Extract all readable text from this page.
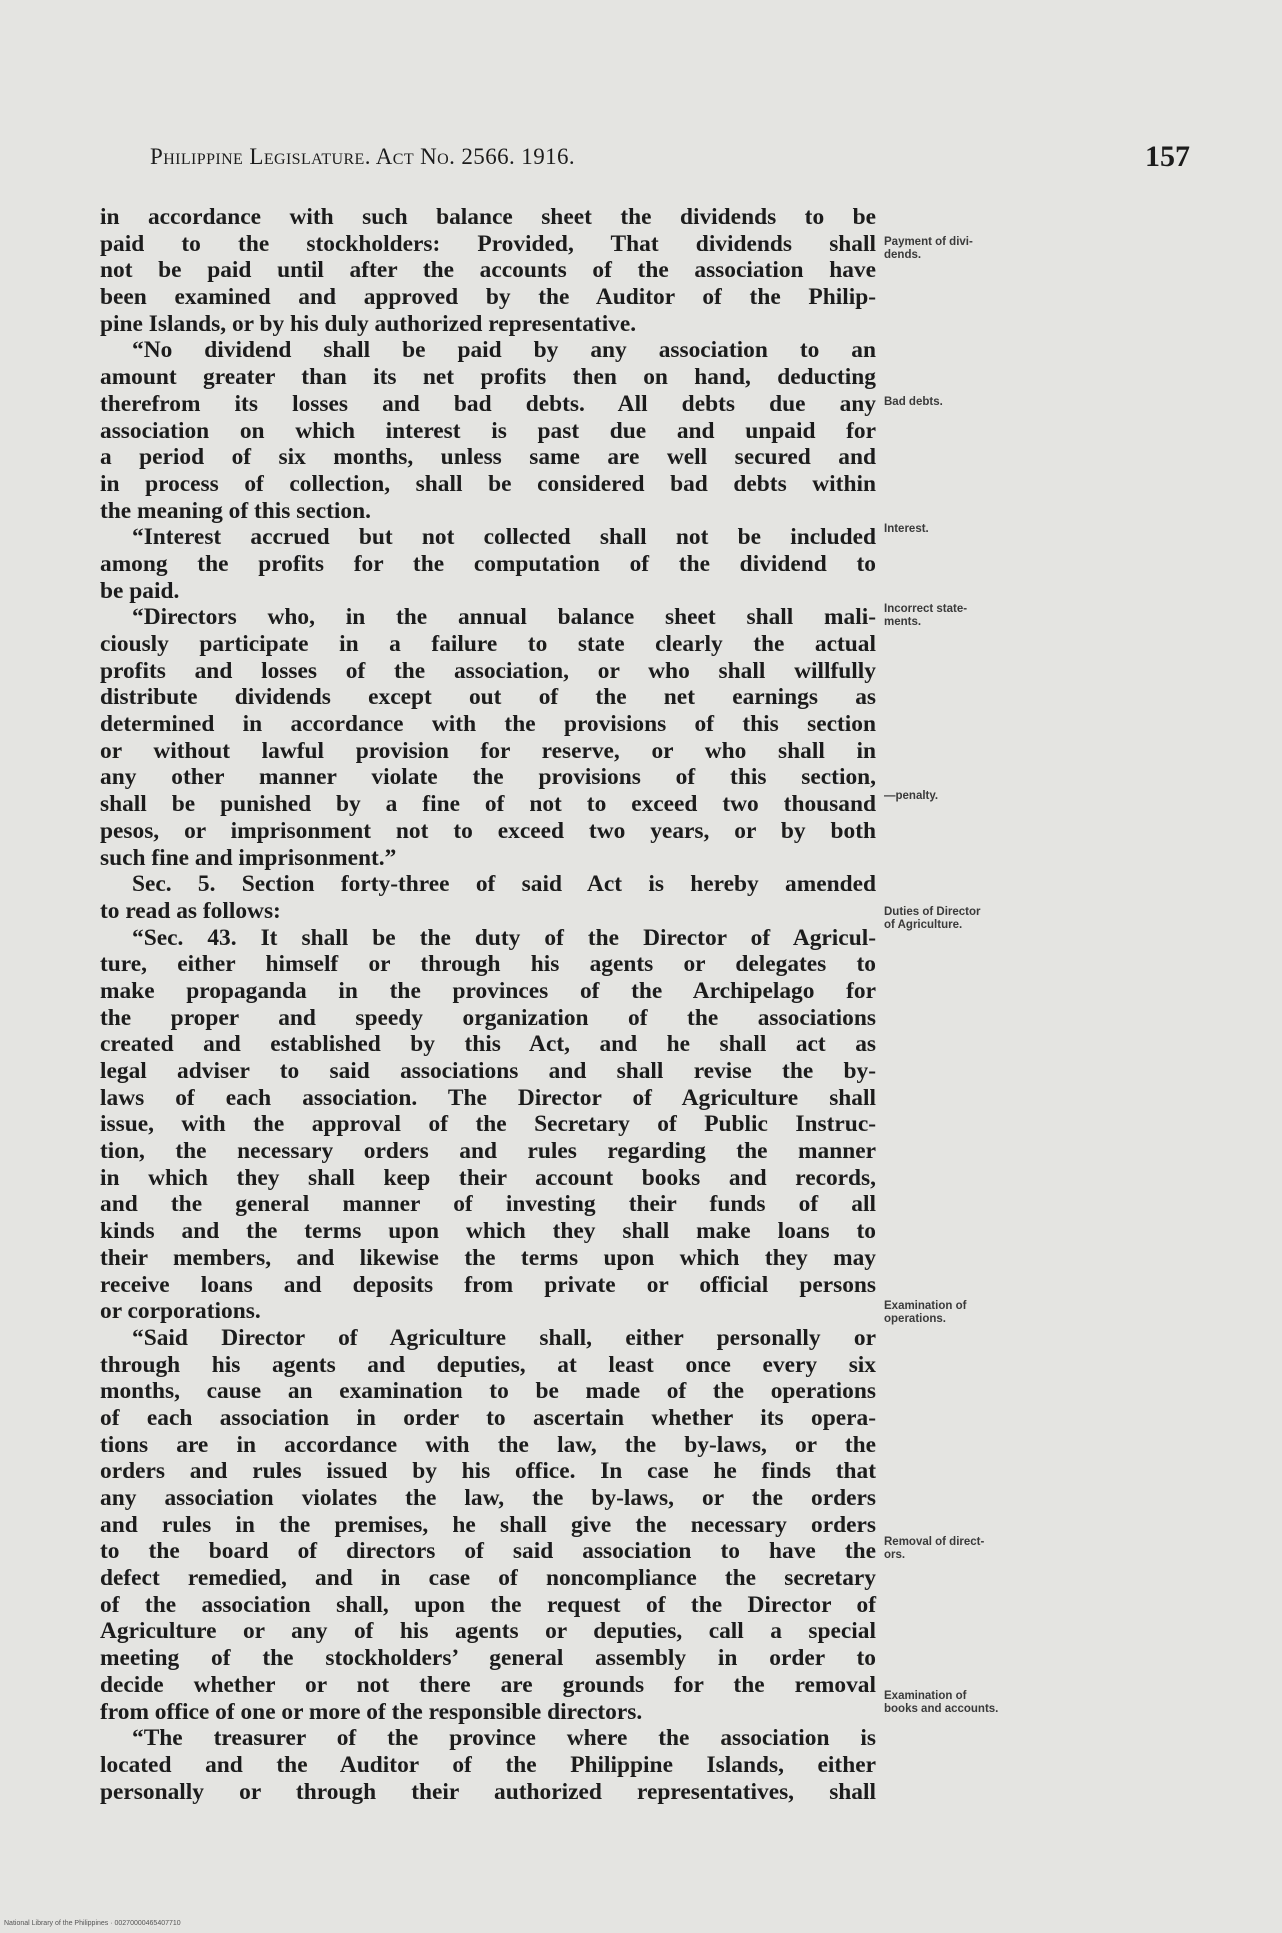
Philippine Legislature. Act No. 2566. 1916.	157
in accordance with such balance sheet the dividends to be
paid to the stockholders: Provided, That dividends shall
not be paid until after the accounts of the association have
been examined and approved by the Auditor of the Philip-
pine Islands, or by his duly authorized representative.
“No dividend shall be paid by any association to an
amount greater than its net profits then on hand, deducting
therefrom its losses and bad debts. All debts due any
association on which interest is past due and unpaid for
a period of six months, unless same are well secured and
in process of collection, shall be considered bad debts within
the meaning of this section.
“Interest accrued but not collected shall not be included
among the profits for the computation of the dividend to
be paid.
“Directors who, in the annual balance sheet shall mali-
ciously participate in a failure to state clearly the actual
profits and losses of the association, or who shall willfully
distribute dividends except out of the net earnings as
determined in accordance with the provisions of this section
or without lawful provision for reserve, or who shall in
any other manner violate the provisions of this section,
shall be punished by a fine of not to exceed two thousand
pesos, or imprisonment not to exceed two years, or by both
such fine and imprisonment.”
Sec. 5. Section forty-three of said Act is hereby amended
to read as follows:
“Sec. 43. It shall be the duty of the Director of Agricul-
ture, either himself or through his agents or delegates to
make propaganda in the provinces of the Archipelago for
the proper and speedy organization of the associations
created and established by this Act, and he shall act as
legal adviser to said associations and shall revise the by-
laws of each association. The Director of Agriculture shall
issue, with the approval of the Secretary of Public Instruc-
tion, the necessary orders and rules regarding the manner
in which they shall keep their account books and records,
and the general manner of investing their funds of all
kinds and the terms upon which they shall make loans to
their members, and likewise the terms upon which they may
receive loans and deposits from private or official persons
or corporations.
“Said Director of Agriculture shall, either personally or
through his agents and deputies, at least once every six
months, cause an examination to be made of the operations
of each association in order to ascertain whether its opera-
tions are in accordance with the law, the by-laws, or the
orders and rules issued by his office. In case he finds that
any association violates the law, the by-laws, or the orders
and rules in the premises, he shall give the necessary orders
to the board of directors of said association to have the
defect remedied, and in case of noncompliance the secretary
of the association shall, upon the request of the Director of
Agriculture or any of his agents or deputies, call a special
meeting of the stockholders’ general assembly in order to
decide whether or not there are grounds for the removal
from office of one or more of the responsible directors.
“The treasurer of the province where the association is
located and the Auditor of the Philippine Islands, either
personally or through their authorized representatives, shall
Payment of divi-
dends.
Bad debts.
Interest.
Incorrect state-
ments.
—penalty.
Duties of Director
of Agriculture.
Examination of
operations.
Removal of direct-
ors.
Examination of
books and accounts.
National Library of the Philippines · 00270000465407710
